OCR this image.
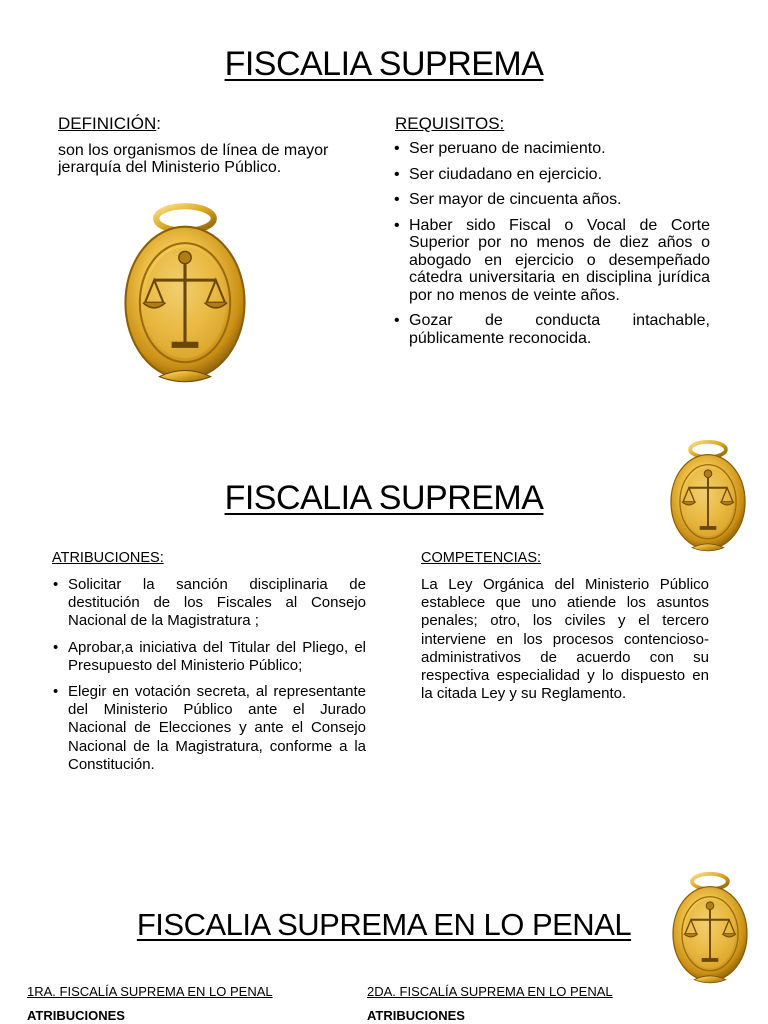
FISCALIA SUPREMA
DEFINICIÓN:
son los organismos de línea de mayor jerarquía del Ministerio Público.
REQUISITOS:
• Ser peruano de nacimiento.
• Ser ciudadano en ejercicio.
• Ser mayor de cincuenta años.
• Haber sido Fiscal o Vocal de Corte Superior por no menos de diez años o abogado en ejercicio o desempeñado cátedra universitaria en disciplina jurídica por no menos de veinte años.
• Gozar de conducta intachable, públicamente reconocida.
FISCALIA SUPREMA
ATRIBUCIONES:
• Solicitar la sanción disciplinaria de destitución de los Fiscales al Consejo Nacional de la Magistratura ;
• Aprobar,a iniciativa del Titular del Pliego, el Presupuesto del Ministerio Público;
• Elegir en votación secreta, al representante del Ministerio Público ante el Jurado Nacional de Elecciones y ante el Consejo Nacional de la Magistratura, conforme a la Constitución.
COMPETENCIAS:
La Ley Orgánica del Ministerio Público establece que uno atiende los asuntos penales; otro, los civiles y el tercero interviene en los procesos contencioso-administrativos de acuerdo con su respectiva especialidad y lo dispuesto en la citada Ley y su Reglamento.
FISCALIA SUPREMA EN LO PENAL
1RA. FISCALÍA SUPREMA EN LO PENAL
ATRIBUCIONES
2DA. FISCALÍA SUPREMA EN LO PENAL
ATRIBUCIONES
